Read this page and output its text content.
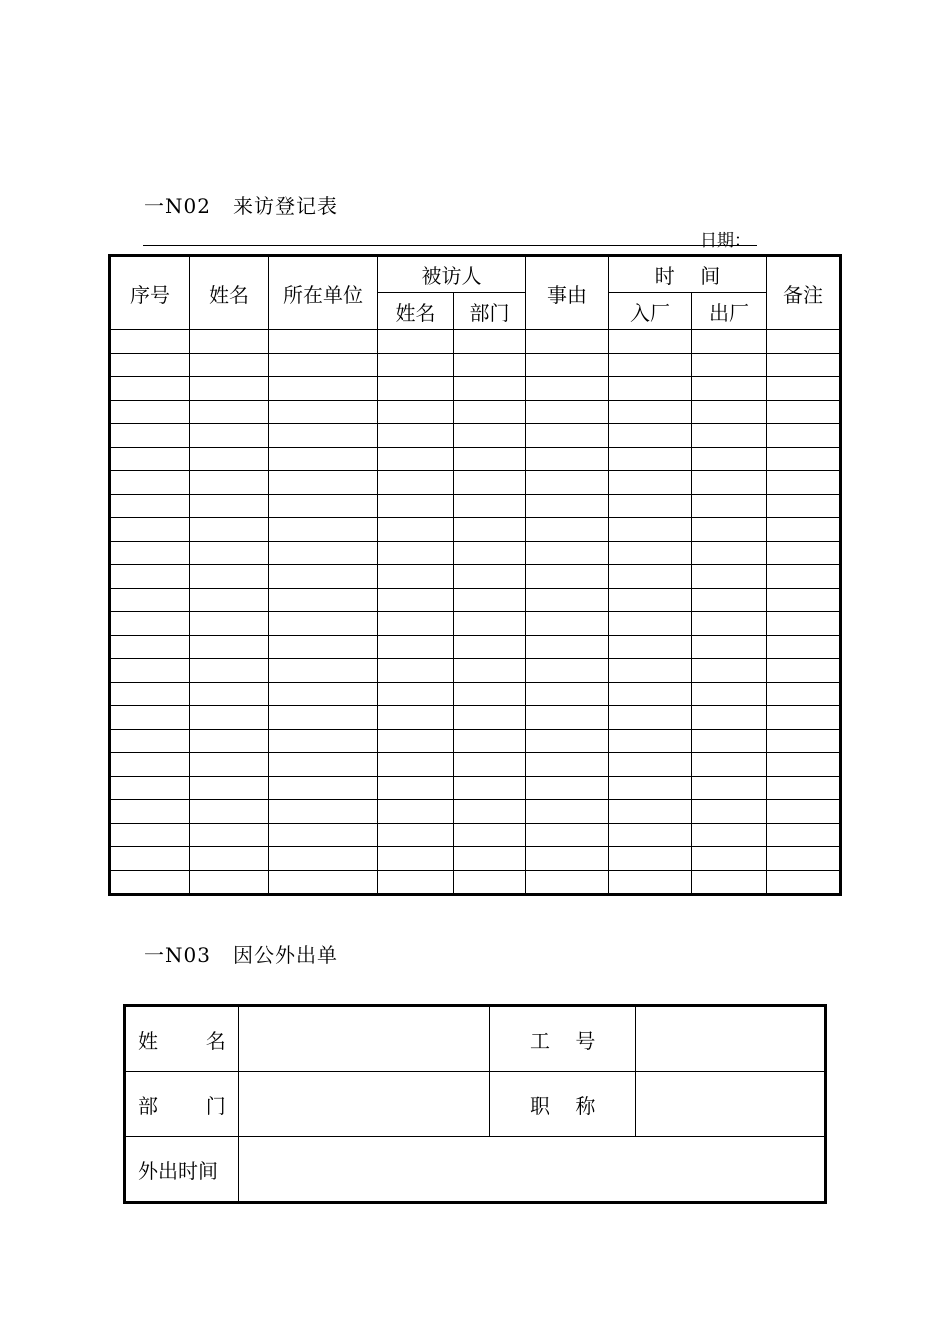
一N02   来访登记表
日期：
序号	姓名	所在单位	被访人		事由	时    间		备注
			姓名	部门		入厂	出厂	

一N03   因公外出单
姓 名		工    号	

部 门		职    称	
外出时间			
